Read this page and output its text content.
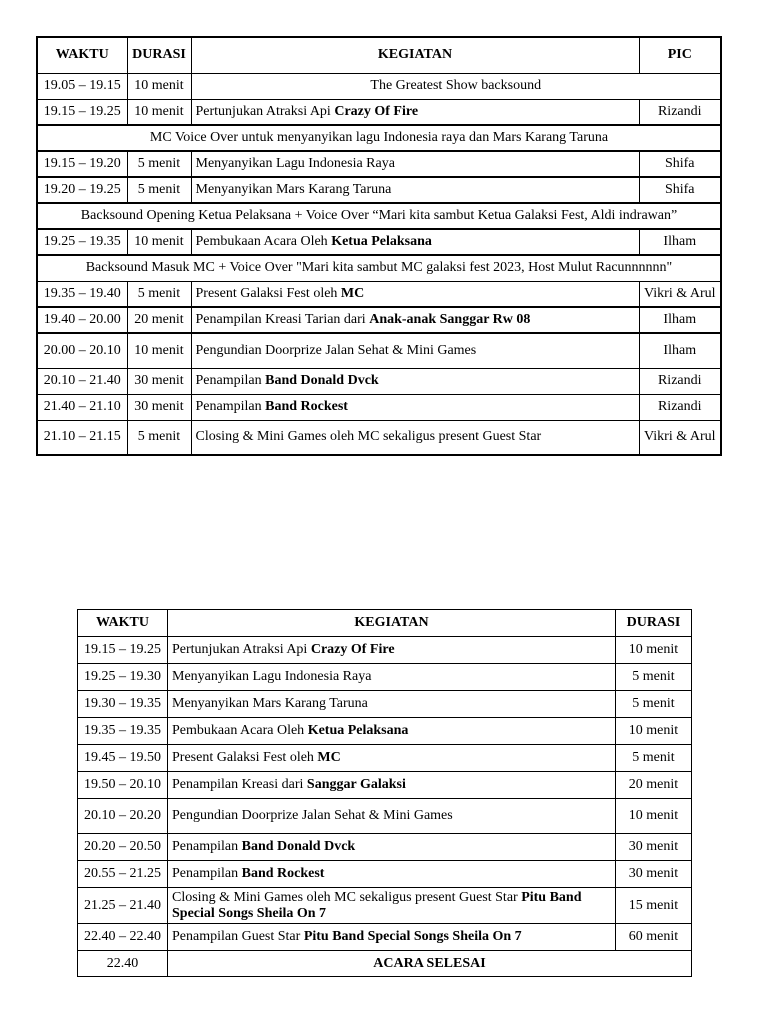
WAKTU	DURASI	KEGIATAN	PIC
19.05 – 19.15	10 menit	The Greatest Show backsound	
19.15 – 19.25	10 menit	Pertunjukan Atraksi Api Crazy Of Fire	Rizandi
MC Voice Over untuk menyanyikan lagu Indonesia raya dan Mars Karang Taruna			
19.15 – 19.20	5 menit	Menyanyikan Lagu Indonesia Raya	Shifa
19.20 – 19.25	5 menit	Menyanyikan Mars Karang Taruna	Shifa
Backsound Opening Ketua Pelaksana + Voice Over “Mari kita sambut Ketua Galaksi Fest, Aldi indrawan”			
19.25 – 19.35	10 menit	Pembukaan Acara Oleh Ketua Pelaksana	Ilham
Backsound Masuk MC + Voice Over "Mari kita sambut MC galaksi fest 2023, Host Mulut Racunnnnnn"			
19.35 – 19.40	5 menit	Present Galaksi Fest oleh MC	Vikri & Arul
19.40 – 20.00	20 menit	Penampilan Kreasi Tarian dari Anak-anak Sanggar Rw 08	Ilham
20.00 – 20.10	10 menit	Pengundian Doorprize Jalan Sehat & Mini Games	Ilham
20.10 – 21.40	30 menit	Penampilan Band Donald Dvck	Rizandi
21.40 – 21.10	30 menit	Penampilan Band Rockest	Rizandi
21.10 – 21.15	5 menit	Closing & Mini Games oleh MC sekaligus present Guest Star	Vikri & Arul
WAKTU	KEGIATAN	DURASI
19.15 – 19.25	Pertunjukan Atraksi Api Crazy Of Fire	10 menit
19.25 – 19.30	Menyanyikan Lagu Indonesia Raya	5 menit
19.30 – 19.35	Menyanyikan Mars Karang Taruna	5 menit
19.35 – 19.35	Pembukaan Acara Oleh Ketua Pelaksana	10 menit
19.45 – 19.50	Present Galaksi Fest oleh MC	5 menit
19.50 – 20.10	Penampilan Kreasi dari Sanggar Galaksi	20 menit
20.10 – 20.20	Pengundian Doorprize Jalan Sehat & Mini Games	10 menit
20.20 – 20.50	Penampilan Band Donald Dvck	30 menit
20.55 – 21.25	Penampilan Band Rockest	30 menit
21.25 – 21.40	Closing & Mini Games oleh MC sekaligus present Guest Star Pitu Band Special Songs Sheila On 7	15 menit
22.40 – 22.40	Penampilan Guest Star Pitu Band Special Songs Sheila On 7	60 menit
22.40	ACARA SELESAI	
